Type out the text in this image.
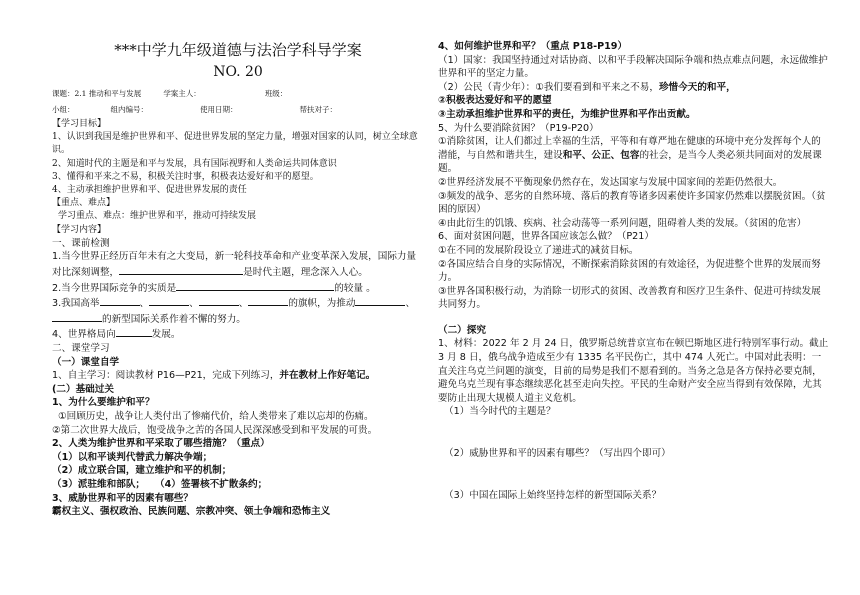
***中学九年级道德与法治学科导学案

NO. 20

课题：2.1 推动和平与发展	学案主人：	班级：
小组：	组内编号：	使用日期：	帮扶对子：

【学习目标】

1、认识到我国是维护世界和平、促进世界发展的坚定力量，增强对国家的认同，树立全球意识。

2、知道时代的主题是和平与发展，具有国际视野和人类命运共同体意识

3、懂得和平来之不易，积极关注时事，积极表达爱好和平的愿望。

4、主动承担维护世界和平、促进世界发展的责任

【重点、难点】

学习重点、难点：维护世界和平，推动可持续发展

【学习内容】

一、课前检测

1.当今世界正经历百年未有之大变局，新一轮科技革命和产业变革深入发展，国际力量对比深刻调整，	是时代主题，理念深入人心。

2.当今世界国际竞争的实质是	的较量 。

3.我国高举	、	、	、	的旗帜，为推动	、的新型国际关系作着不懈的努力。

4、世界格局向	发展。

二、课堂学习

（一）课堂自学

1、自主学习：阅读教材 P16—P21，完成下列练习，并在教材上作好笔记。

(二）基础过关

1、为什么要维护和平？

①回顾历史，战争让人类付出了惨痛代价，给人类带来了难以忘却的伤痛。

②第二次世界大战后，饱受战争之苦的各国人民深深感受到和平发展的可贵。

2、人类为维护世界和平采取了哪些措施？（重点）

（1）以和平谈判代替武力解决争端；

（2）成立联合国，建立维护和平的机制；

（3）派驻维和部队； （4）签署核不扩散条约；

3、威胁世界和平的因素有哪些？

霸权主义、强权政治、民族问题、宗教冲突、领土争端和恐怖主义

4、如何维护世界和平？（重点 P18-P19）

（1）国家：我国坚持通过对话协商、以和平手段解决国际争端和热点难点问题，永远做维护世界和平的坚定力量。

（2）公民（青少年）：①我们要看到和平来之不易，珍惜今天的和平，

②积极表达爱好和平的愿望

③主动承担维护世界和平的责任，为维护世界和平作出贡献。

5、为什么要消除贫困？（P19-P20）

①消除贫困，让人们都过上幸福的生活，平等和有尊严地在健康的环境中充分发挥每个人的潜能，与自然和谐共生，建设和平、公正、包容的社会，是当今人类必须共同面对的发展课题。

②世界经济发展不平衡现象仍然存在，发达国家与发展中国家间的差距仍然很大。

③频发的战争、恶劣的自然环境、落后的教育等诸多因素使许多国家仍然难以摆脱贫困。（贫困的原因）

④由此衍生的饥饿、疾病、社会动荡等一系列问题，阻碍着人类的发展。（贫困的危害）

6、面对贫困问题，世界各国应该怎么做？（P21）

①在不同的发展阶段设立了递进式的减贫目标。

②各国应结合自身的实际情况，不断探索消除贫困的有效途径，为促进整个世界的发展而努力。

③世界各国积极行动，为消除一切形式的贫困、改善教育和医疗卫生条件、促进可持续发展共同努力。

（二）探究

1、材料：2022 年 2 月 24 日，俄罗斯总统普京宣布在顿巴斯地区进行特别军事行动。截止 3 月 8 日，俄乌战争造成至少有 1335 名平民伤亡，其中 474 人死亡。中国对此表明：一直关注乌克兰问题的演变，目前的局势是我们不愿看到的。当务之急是各方保持必要克制，避免乌克兰现有事态继续恶化甚至走向失控。平民的生命财产安全应当得到有效保障，尤其要防止出现大规模人道主义危机。

（1）当今时代的主题是？

（2）威胁世界和平的因素有哪些？（写出四个即可）

（3）中国在国际上始终坚持怎样的新型国际关系？
